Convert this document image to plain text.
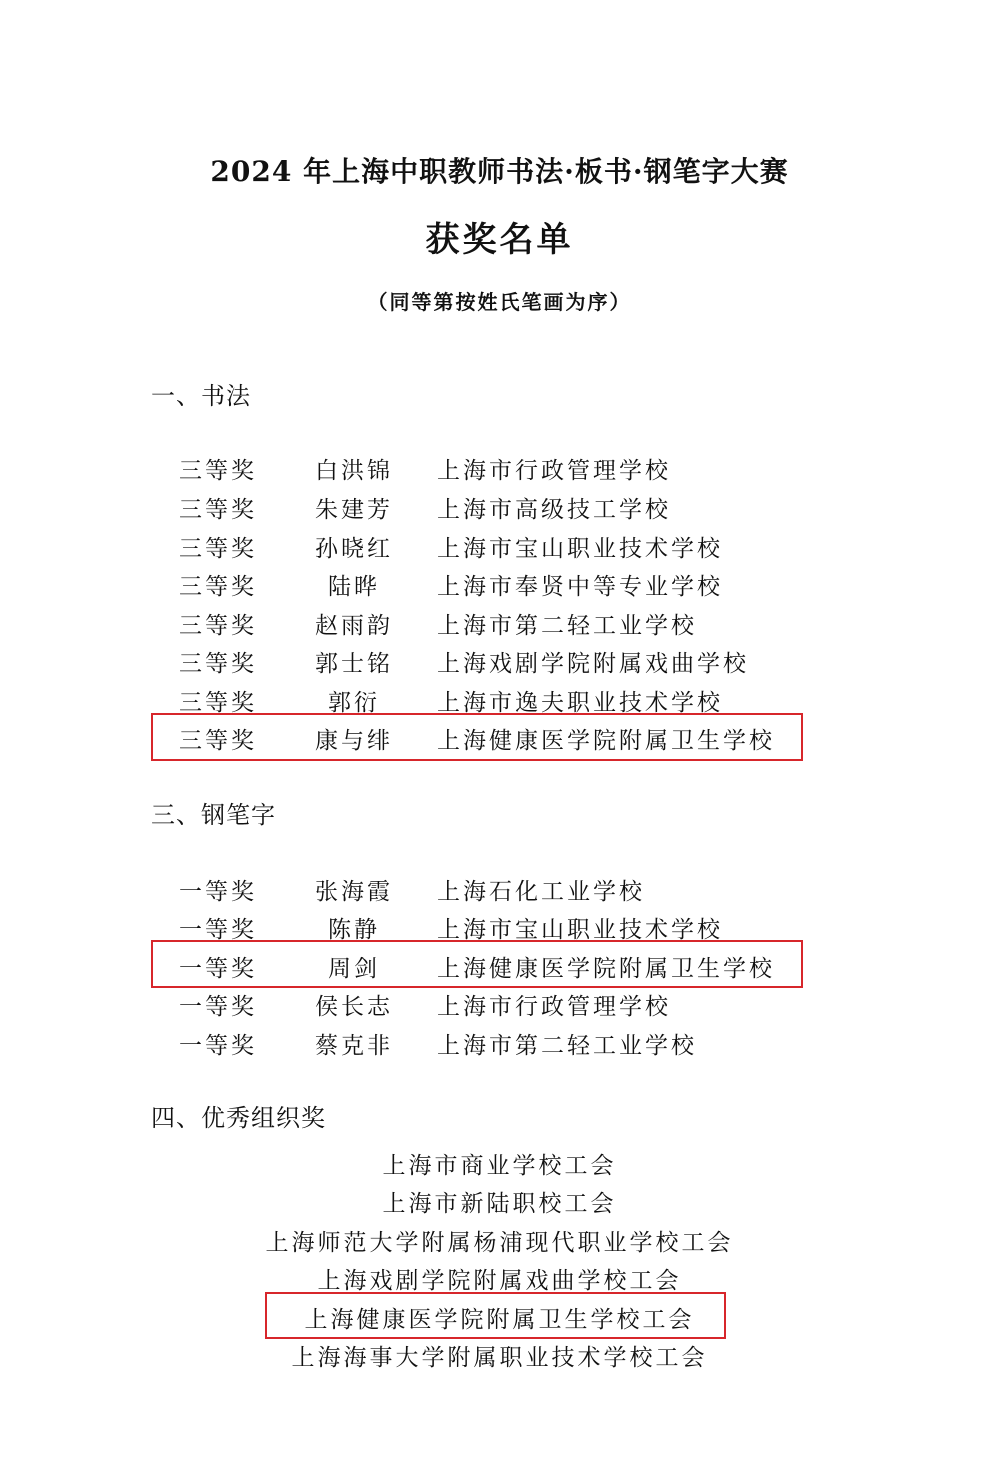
2024 年上海中职教师书法·板书·钢笔字大赛
获奖名单
（同等第按姓氏笔画为序）
一、书法
三等奖	白洪锦 上海市行政管理学校
三等奖	朱建芳 上海市高级技工学校
三等奖	孙晓红 上海市宝山职业技术学校
三等奖	陆晔	上海市奉贤中等专业学校
三等奖	赵雨韵 上海市第二轻工业学校
三等奖	郭士铭 上海戏剧学院附属戏曲学校
三等奖	郭衍	上海市逸夫职业技术学校
三等奖	康与绯 上海健康医学院附属卫生学校
三、钢笔字
一等奖	张海霞 上海石化工业学校
一等奖	陈静	上海市宝山职业技术学校
一等奖	周剑	上海健康医学院附属卫生学校
一等奖	侯长志 上海市行政管理学校
一等奖	蔡克非 上海市第二轻工业学校
四、优秀组织奖
上海市商业学校工会
上海市新陆职校工会
上海师范大学附属杨浦现代职业学校工会
上海戏剧学院附属戏曲学校工会
上海健康医学院附属卫生学校工会
上海海事大学附属职业技术学校工会
